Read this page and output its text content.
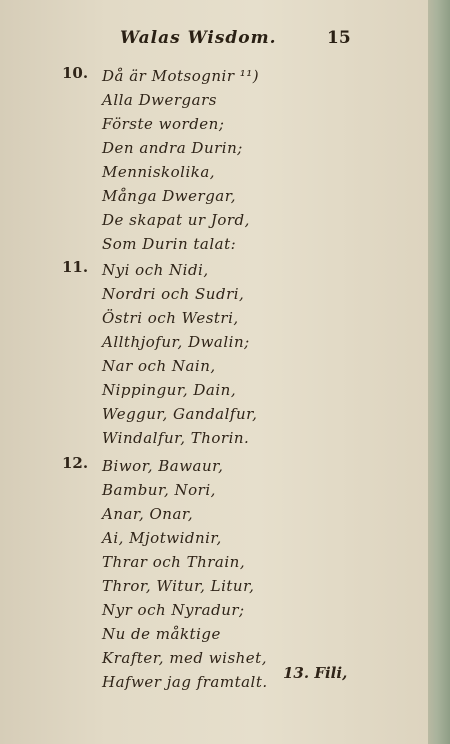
Walas Wisdom.	15
10. Då är Motsognir ¹¹)
Alla Dwergars
Förste worden;
Den andra Durin;
Menniskolika,
Många Dwergar,
De skapat ur Jord,
Som Durin talat:
11. Nyi och Nidi,
Nordri och Sudri,
Östri och Westri,
Allthjofur, Dwalin;
Nar och Nain,
Nippingur, Dain,
Weggur, Gandalfur,
Windalfur, Thorin.
12. Biwor, Bawaur,
Bambur, Nori,
Anar, Onar,
Ai, Mjotwidnir,
Thrar och Thrain,
Thror, Witur, Litur,
Nyr och Nyradur;
Nu de måktige
Krafter, med wishet,
Hafwer jag framtalt. 13. Fili,
